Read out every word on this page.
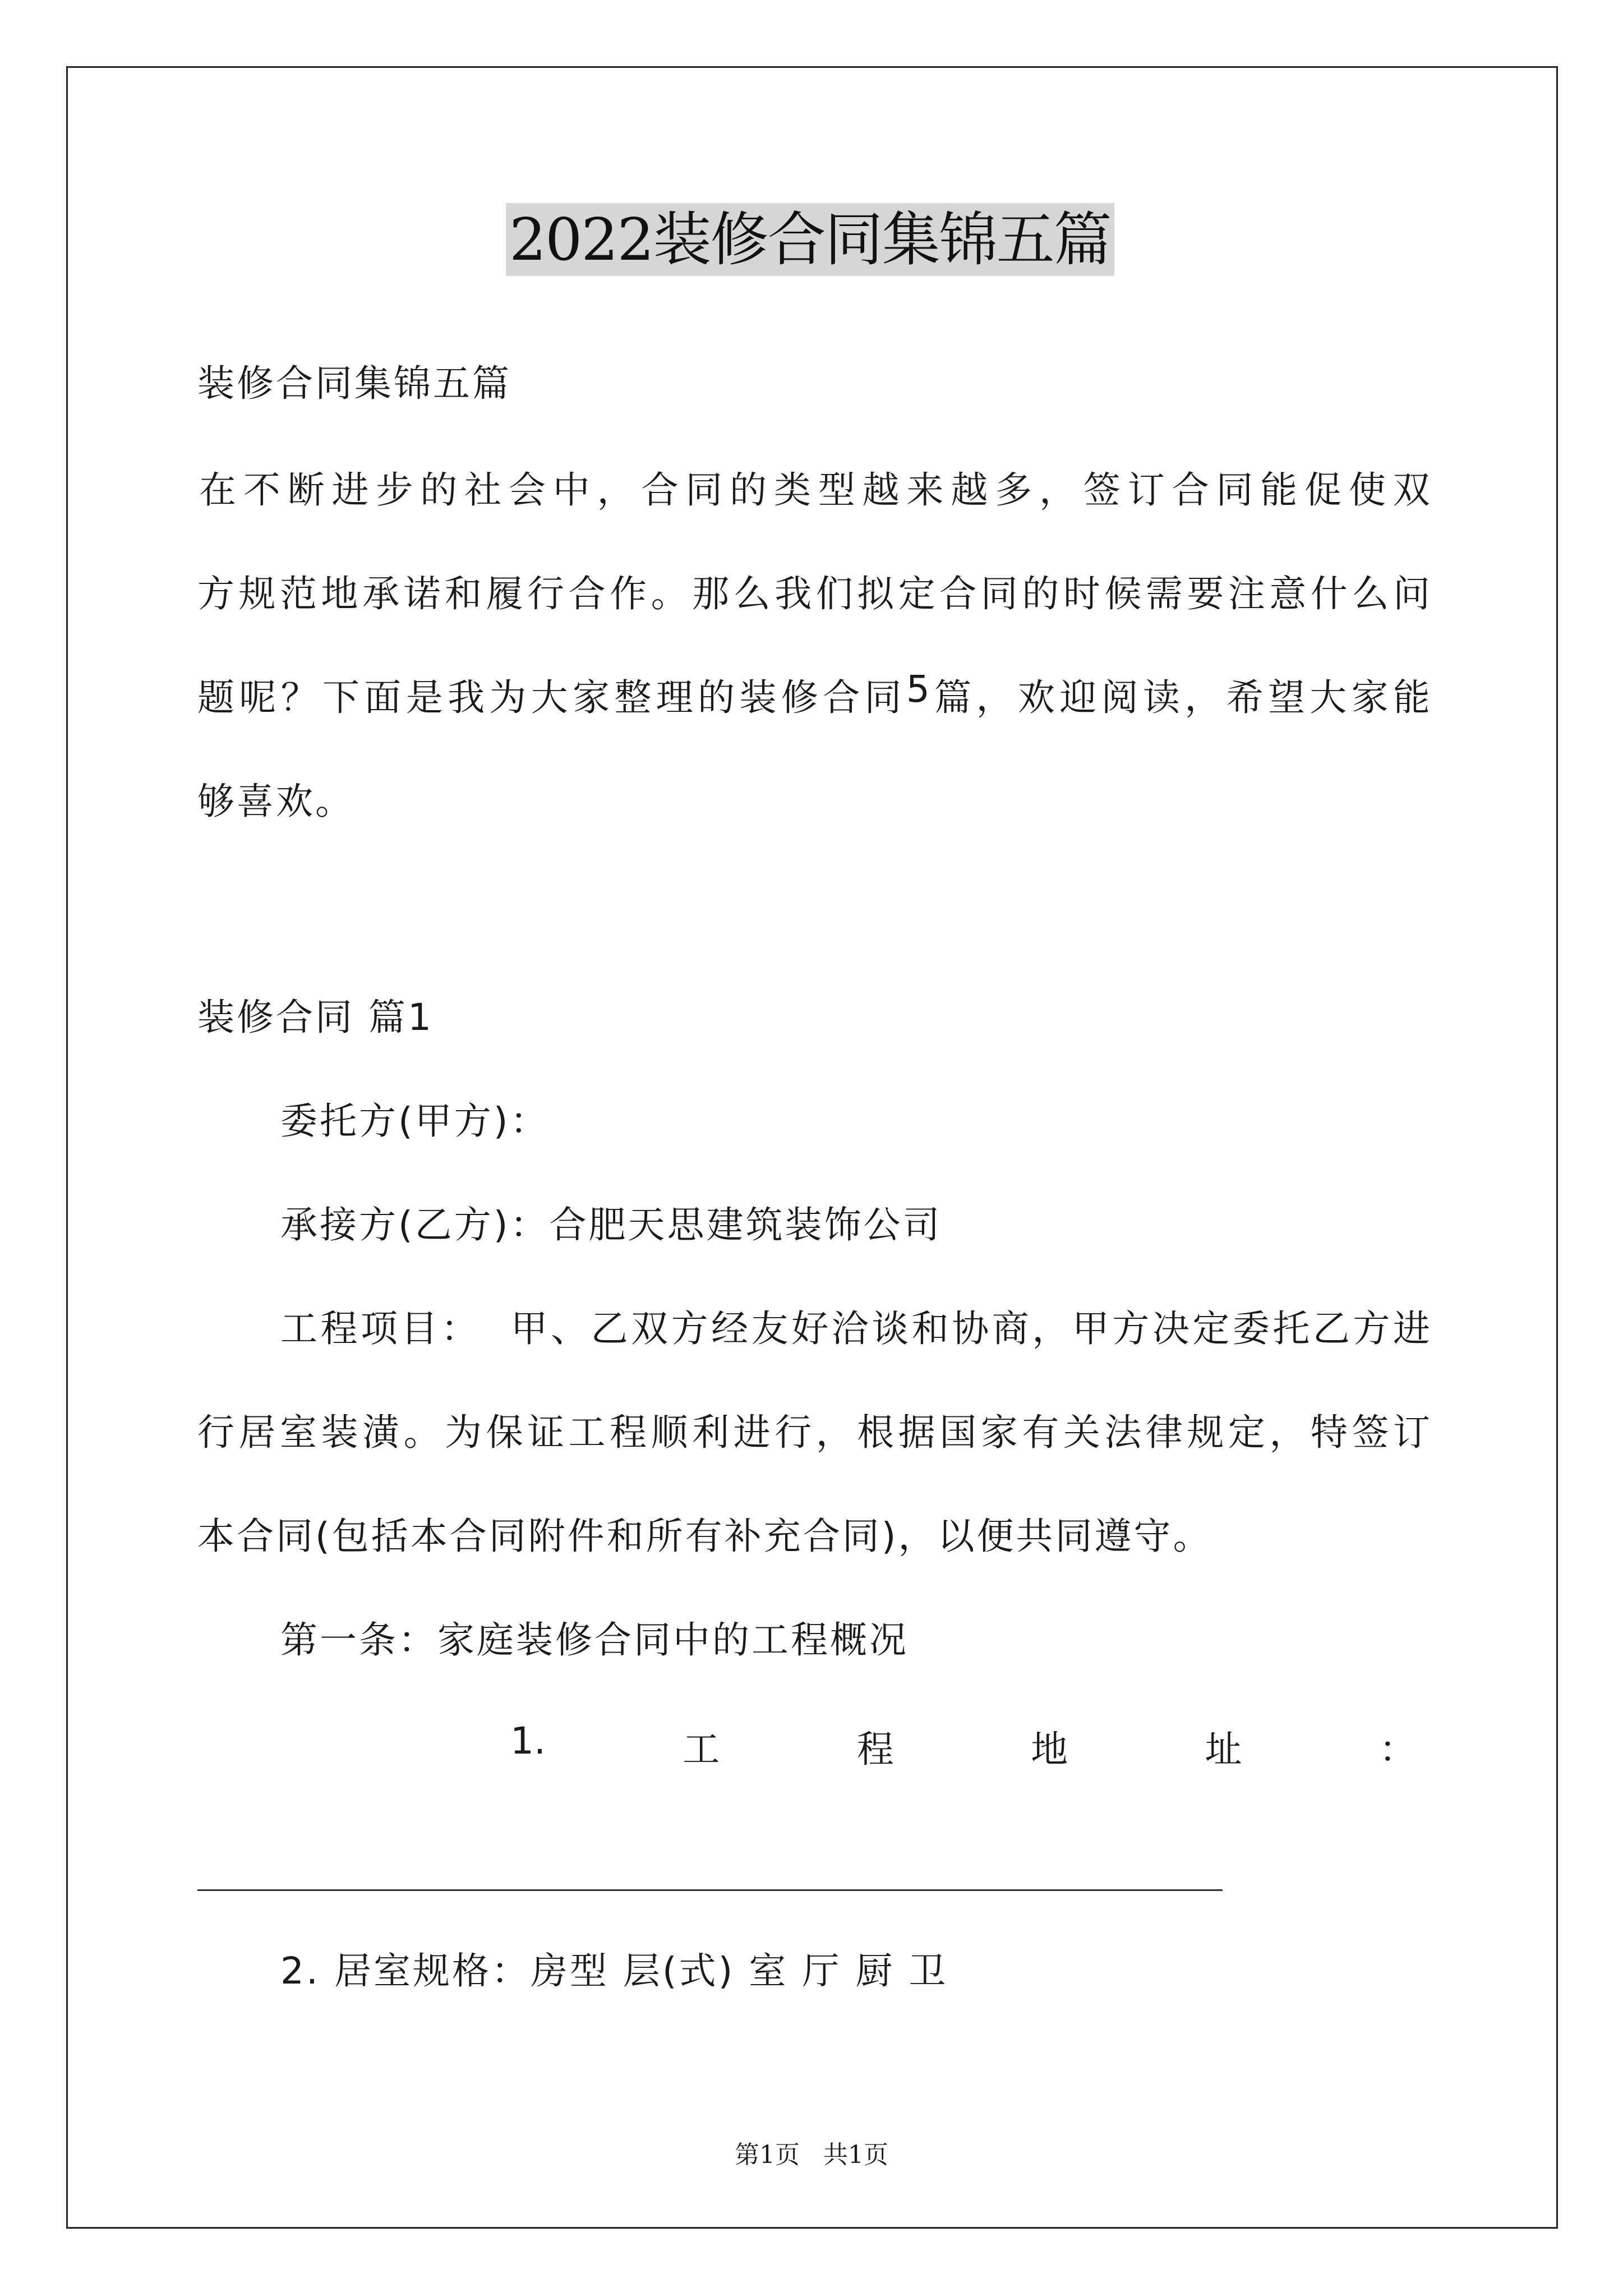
2022装修合同集锦五篇
装修合同集锦五篇
在 不 断 进 步 的 社 会 中 ， 合 同 的 类 型 越 来 越 多 ， 签 订 合 同 能 促 使 双
方 规 范 地 承 诺 和 履 行 合 作 。 那 么 我 们 拟 定 合 同 的 时 候 需 要 注 意 什 么 问
题 呢 ？ 下 面 是 我 为 大 家 整 理 的 装 修 合 同 5 篇 ， 欢 迎 阅 读 ， 希 望 大 家 能
够喜欢。
装修合同 篇1
委托方(甲方)：
承接方(乙方)：合肥天思建筑装饰公司
工 程 项 目 ：

甲 、 乙 双 方 经 友 好 洽 谈 和 协 商 ， 甲 方 决 定 委 托 乙 方 进
行 居 室 装 潢 。 为 保 证 工 程 顺 利 进 行 ， 根 据 国 家 有 关 法 律 规 定 ， 特 签 订
本合同(包括本合同附件和所有补充合同)，以便共同遵守。
第一条：家庭装修合同中的工程概况
1.	工	程	地	址	：
2. 居室规格：房型 层(式) 室 厅 厨 卫
第1页 共1页
